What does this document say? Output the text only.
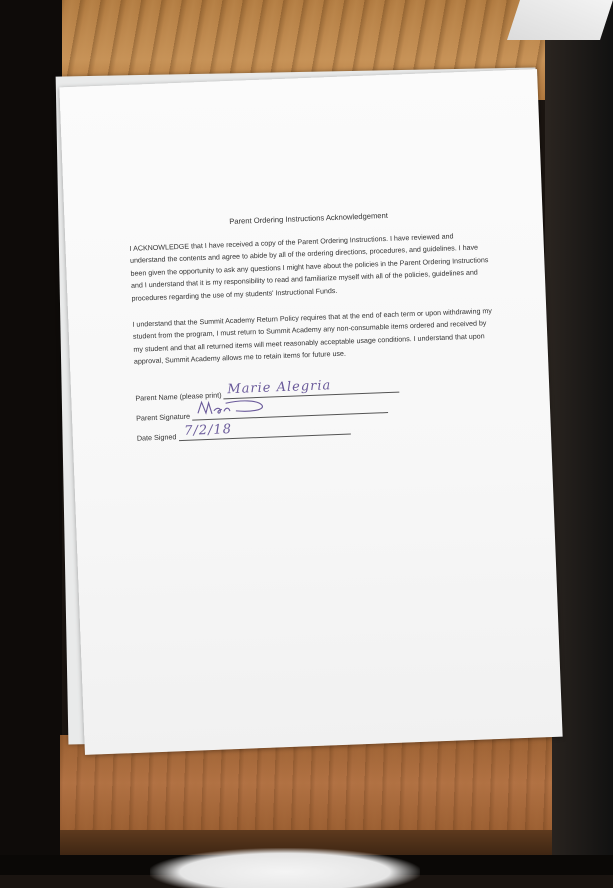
Parent Ordering Instructions Acknowledgement

I ACKNOWLEDGE that I have received a copy of the Parent Ordering Instructions. I have reviewed and understand the contents and agree to abide by all of the ordering directions, procedures, and guidelines. I have been given the opportunity to ask any questions I might have about the policies in the Parent Ordering Instructions and I understand that it is my responsibility to read and familiarize myself with all of the policies, guidelines and procedures regarding the use of my students' Instructional Funds.

I understand that the Summit Academy Return Policy requires that at the end of each term or upon withdrawing my student from the program, I must return to Summit Academy any non-consumable items ordered and received by my student and that all returned items will meet reasonably acceptable usage conditions. I understand that upon approval, Summit Academy allows me to retain items for future use.

Parent Name (please print) Marie Alegria
Parent Signature
Date Signed 7/2/18
